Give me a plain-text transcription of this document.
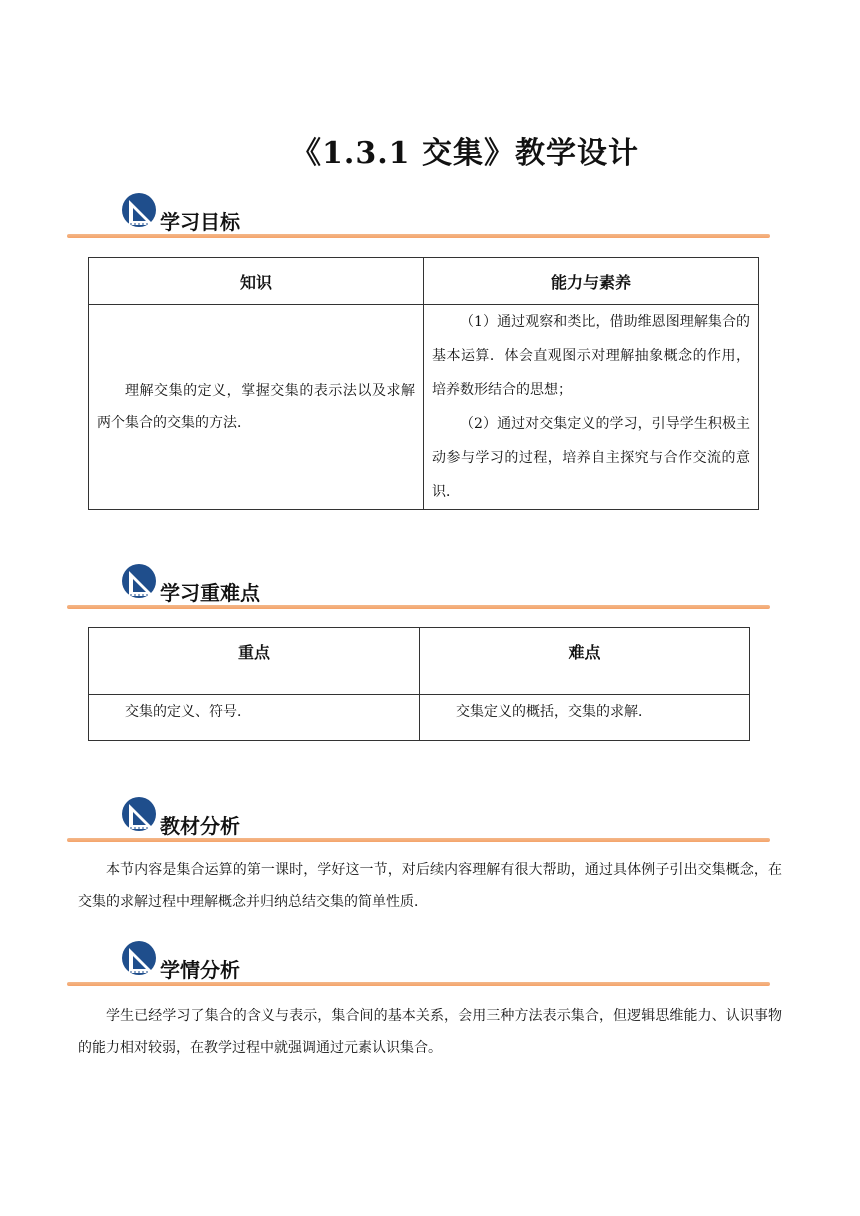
《1.3.1 交集》教学设计
学习目标
知识	能力与素养

理解交集的定义，掌握交集的表示法以及求解两个集合的交集的方法．	（1）通过观察和类比，借助维恩图理解集合的基本运算．体会直观图示对理解抽象概念的作用，培养数形结合的思想；
（2）通过对交集定义的学习，引导学生积极主动参与学习的过程，培养自主探究与合作交流的意识．
学习重难点
重点	难点

交集的定义、符号．	交集定义的概括，交集的求解．
教材分析
本节内容是集合运算的第一课时，学好这一节，对后续内容理解有很大帮助，通过具体例子引出交集概念，在交集的求解过程中理解概念并归纳总结交集的简单性质．
学情分析
学生已经学习了集合的含义与表示，集合间的基本关系，会用三种方法表示集合，但逻辑思维能力、认识事物的能力相对较弱，在教学过程中就强调通过元素认识集合。
